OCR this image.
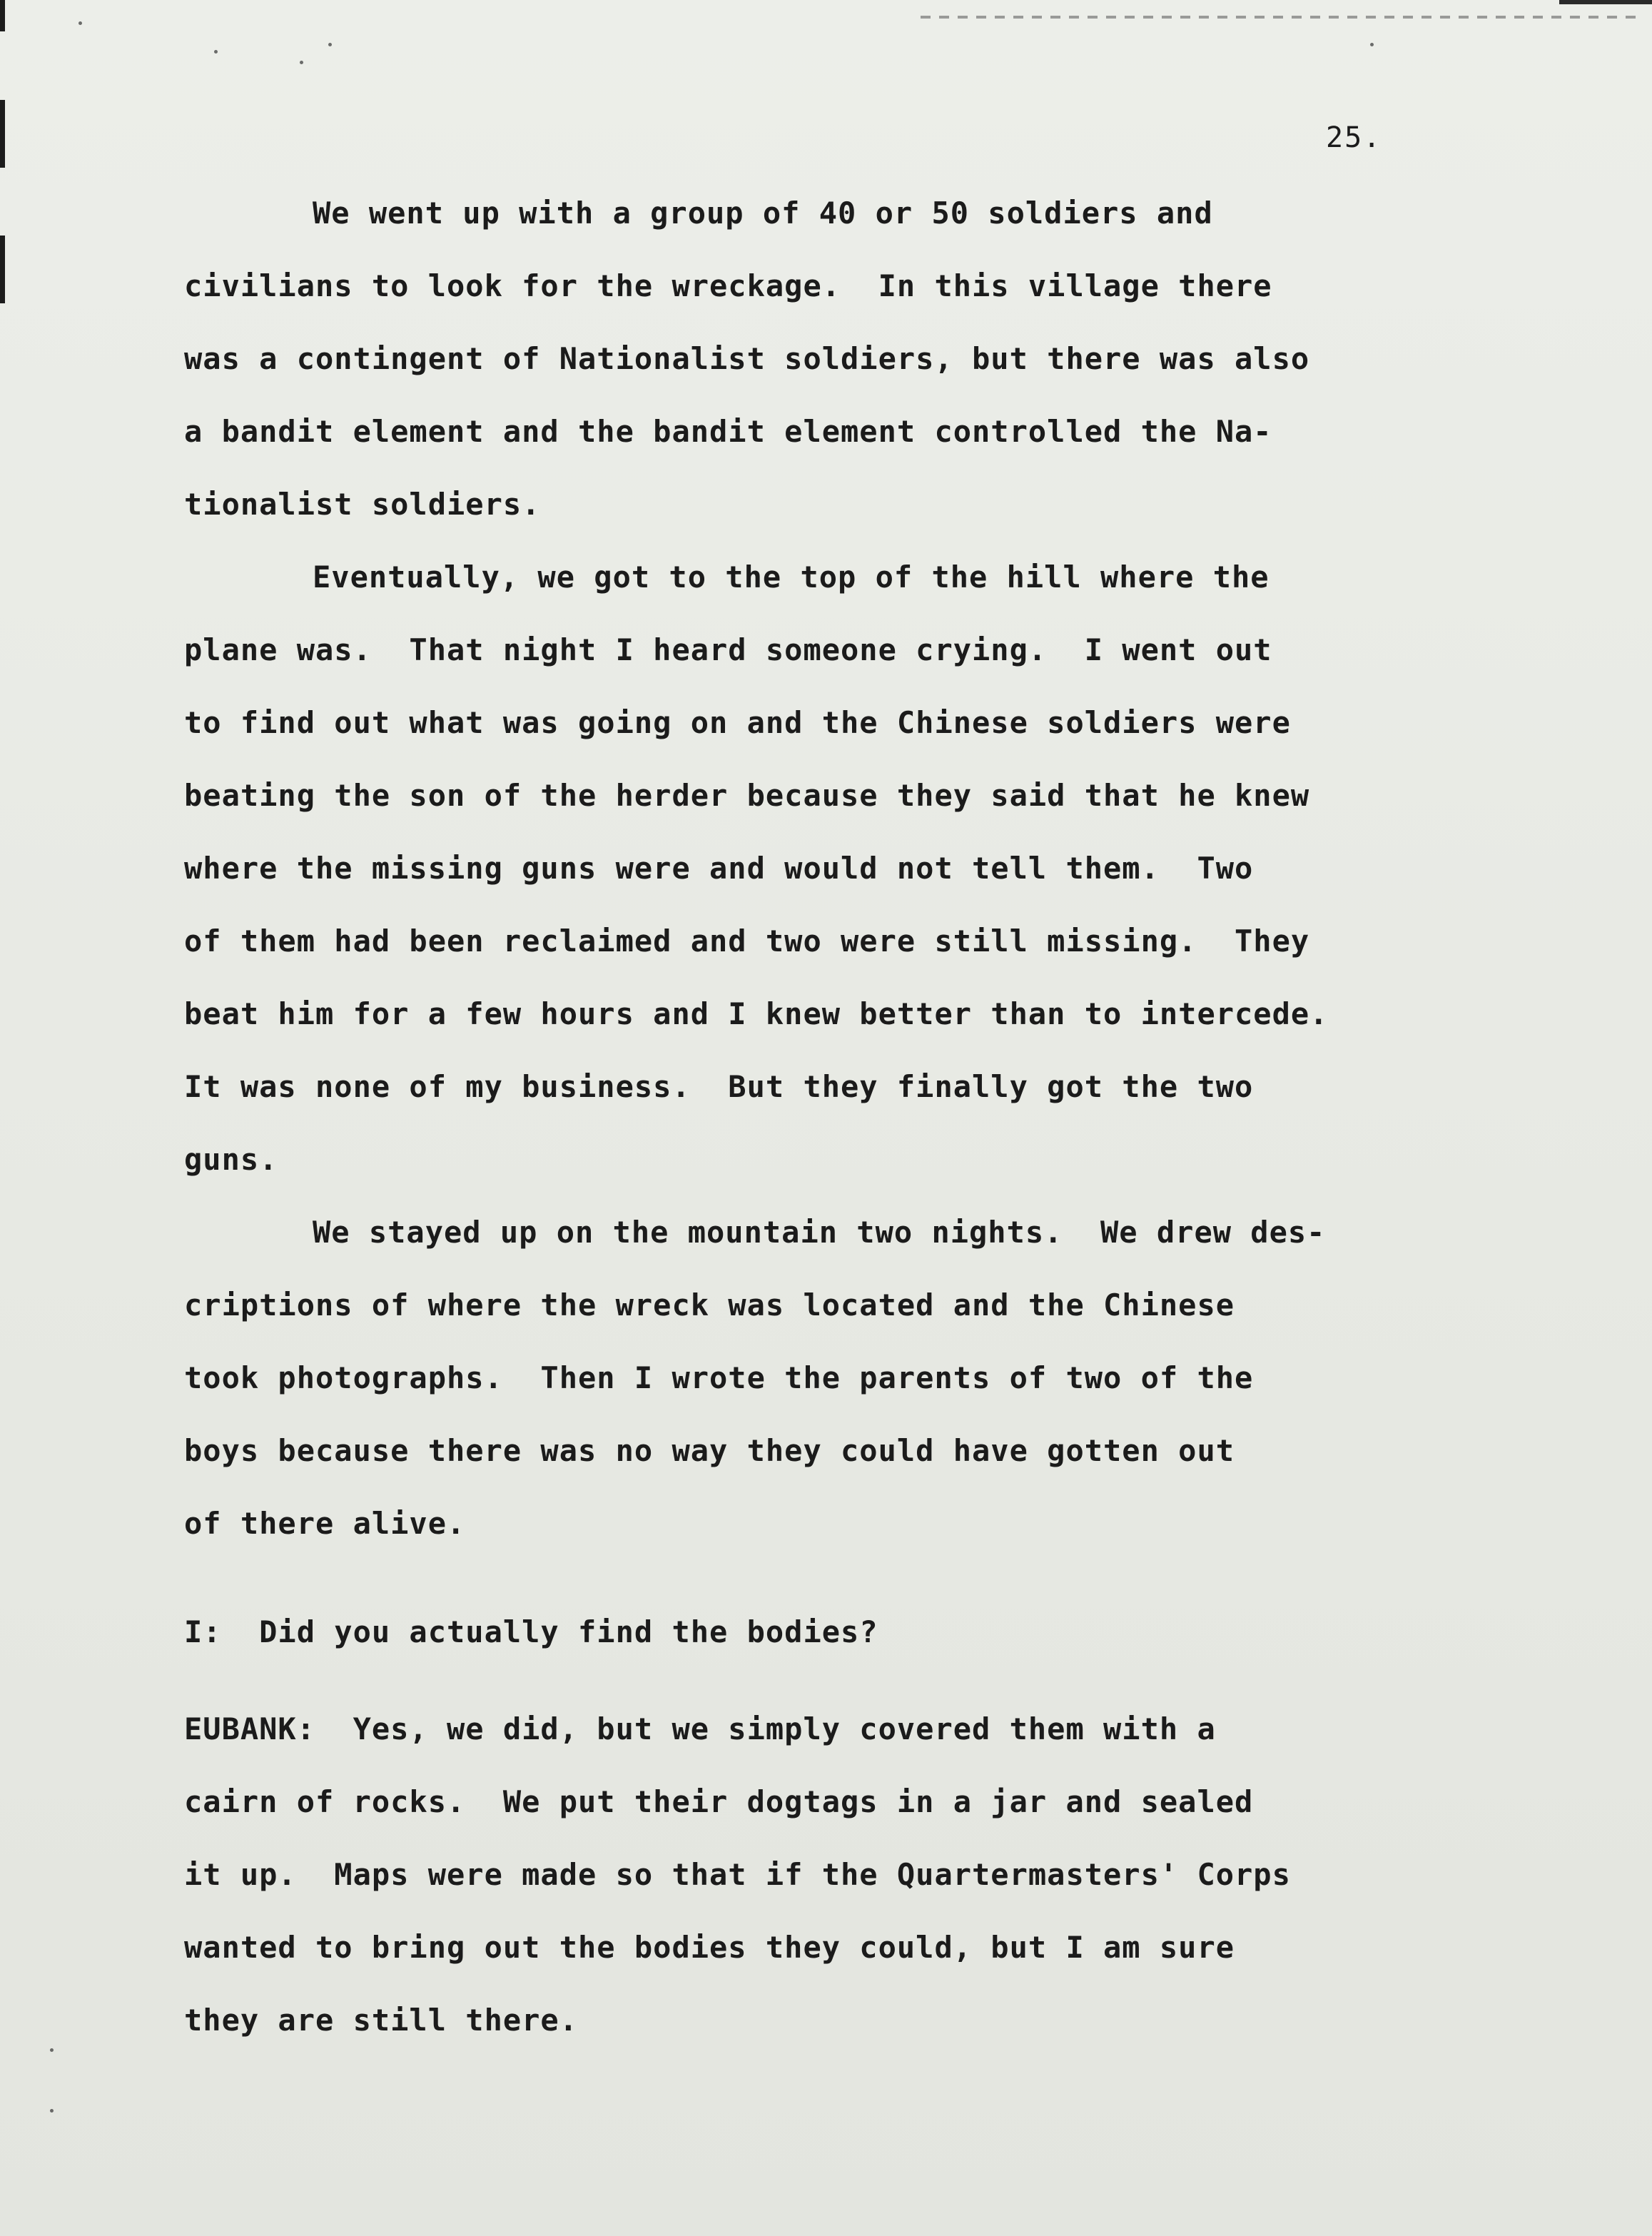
25.
We went up with a group of 40 or 50 soldiers and
civilians to look for the wreckage.  In this village there
was a contingent of Nationalist soldiers, but there was also
a bandit element and the bandit element controlled the Na-
tionalist soldiers.
Eventually, we got to the top of the hill where the
plane was.  That night I heard someone crying.  I went out
to find out what was going on and the Chinese soldiers were
beating the son of the herder because they said that he knew
where the missing guns were and would not tell them.  Two
of them had been reclaimed and two were still missing.  They
beat him for a few hours and I knew better than to intercede.
It was none of my business.  But they finally got the two
guns.
We stayed up on the mountain two nights.  We drew des-
criptions of where the wreck was located and the Chinese
took photographs.  Then I wrote the parents of two of the
boys because there was no way they could have gotten out
of there alive.
I:  Did you actually find the bodies?
EUBANK:  Yes, we did, but we simply covered them with a
cairn of rocks.  We put their dogtags in a jar and sealed
it up.  Maps were made so that if the Quartermasters' Corps
wanted to bring out the bodies they could, but I am sure
they are still there.
